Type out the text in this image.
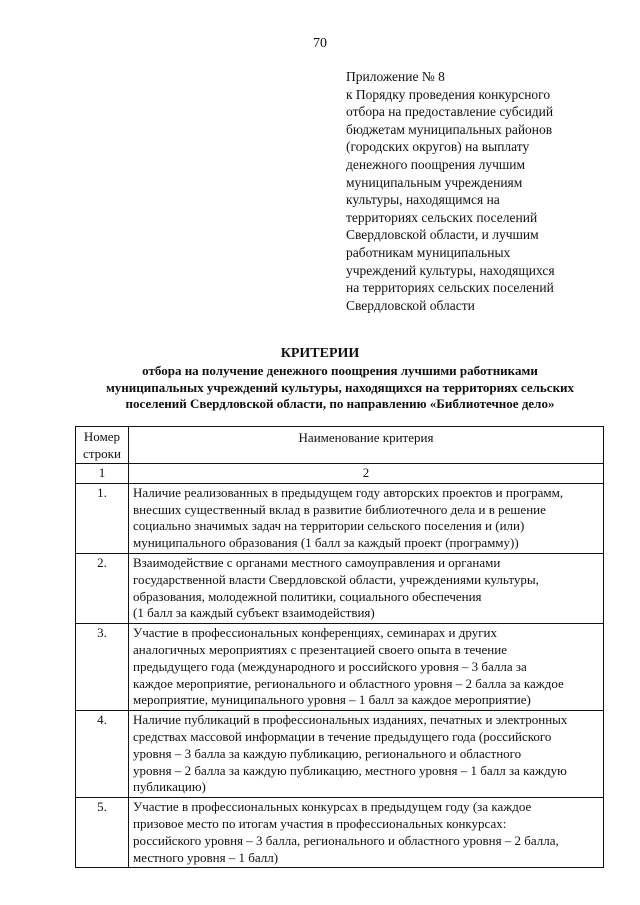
70
Приложение № 8
к Порядку проведения конкурсного
отбора на предоставление субсидий
бюджетам муниципальных районов
(городских округов) на выплату
денежного поощрения лучшим
муниципальным учреждениям
культуры, находящимся на
территориях сельских поселений
Свердловской области, и лучшим
работникам муниципальных
учреждений культуры, находящихся
на территориях сельских поселений
Свердловской области
КРИТЕРИИ
отбора на получение денежного поощрения лучшими работниками
муниципальных учреждений культуры, находящихся на территориях сельских
поселений Свердловской области, по направлению «Библиотечное дело»
Номер
строки	Наименование критерия
1	2
1.	Наличие реализованных в предыдущем году авторских проектов и программ,
внесших существенный вклад в развитие библиотечного дела и в решение
социально значимых задач на территории сельского поселения и (или)
муниципального образования (1 балл за каждый проект (программу))

2.	Взаимодействие с органами местного самоуправления и органами
государственной власти Свердловской области, учреждениями культуры,
образования, молодежной политики, социального обеспечения
(1 балл за каждый субъект взаимодействия)

3.	Участие в профессиональных конференциях, семинарах и других
аналогичных мероприятиях с презентацией своего опыта в течение
предыдущего года (международного и российского уровня – 3 балла за
каждое мероприятие, регионального и областного уровня – 2 балла за каждое
мероприятие, муниципального уровня – 1 балл за каждое мероприятие)

4.	Наличие публикаций в профессиональных изданиях, печатных и электронных
средствах массовой информации в течение предыдущего года (российского
уровня – 3 балла за каждую публикацию, регионального и областного
уровня – 2 балла за каждую публикацию, местного уровня – 1 балл за каждую
публикацию)

5.	Участие в профессиональных конкурсах в предыдущем году (за каждое
призовое место по итогам участия в профессиональных конкурсах:
российского уровня – 3 балла, регионального и областного уровня – 2 балла,
местного уровня – 1 балл)
